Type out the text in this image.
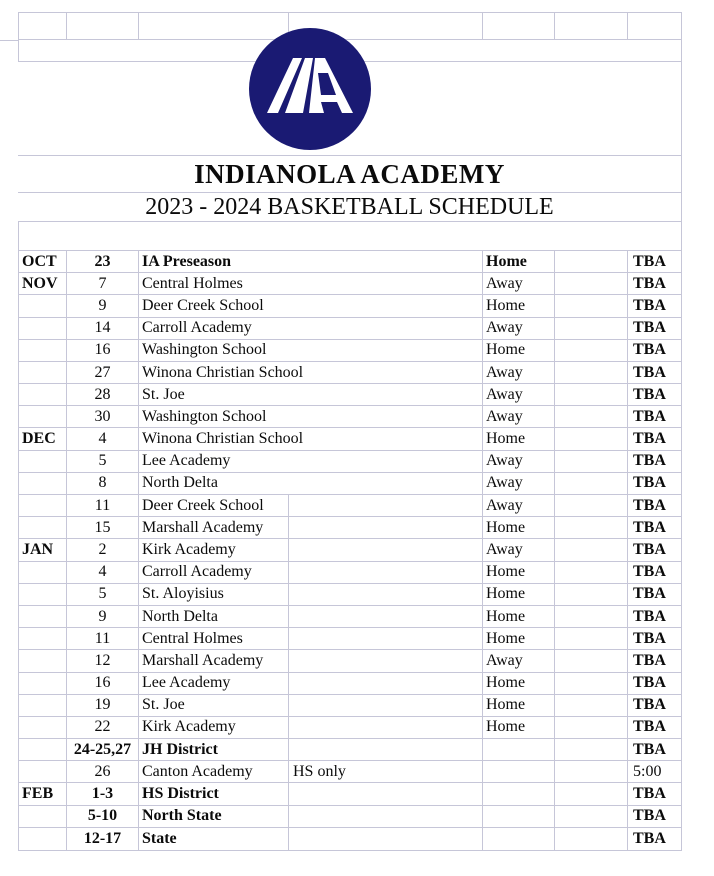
INDIANOLA ACADEMY
2023 - 2024 BASKETBALL SCHEDULE
OCT	23	IA Preseason	Home	TBA
NOV	7	Central Holmes	Away	TBA
9	Deer Creek School	Home	TBA
14	Carroll Academy	Away	TBA
16	Washington School	Home	TBA
27	Winona Christian School	Away	TBA
28	St. Joe	Away	TBA
30	Washington School	Away	TBA
DEC	4	Winona Christian School	Home	TBA
5	Lee Academy	Away	TBA
8	North Delta	Away	TBA
11	Deer Creek School	Away	TBA
15	Marshall Academy	Home	TBA
JAN	2	Kirk Academy	Away	TBA
4	Carroll Academy	Home	TBA
5	St. Aloyisius	Home	TBA
9	North Delta	Home	TBA
11	Central Holmes	Home	TBA
12	Marshall Academy	Away	TBA
16	Lee Academy	Home	TBA
19	St. Joe	Home	TBA
22	Kirk Academy	Home	TBA
24-25,27 JH District	TBA
26	Canton Academy	HS only	5:00
FEB	1-3	HS District	TBA
5-10	North State	TBA
12-17	State	TBA
